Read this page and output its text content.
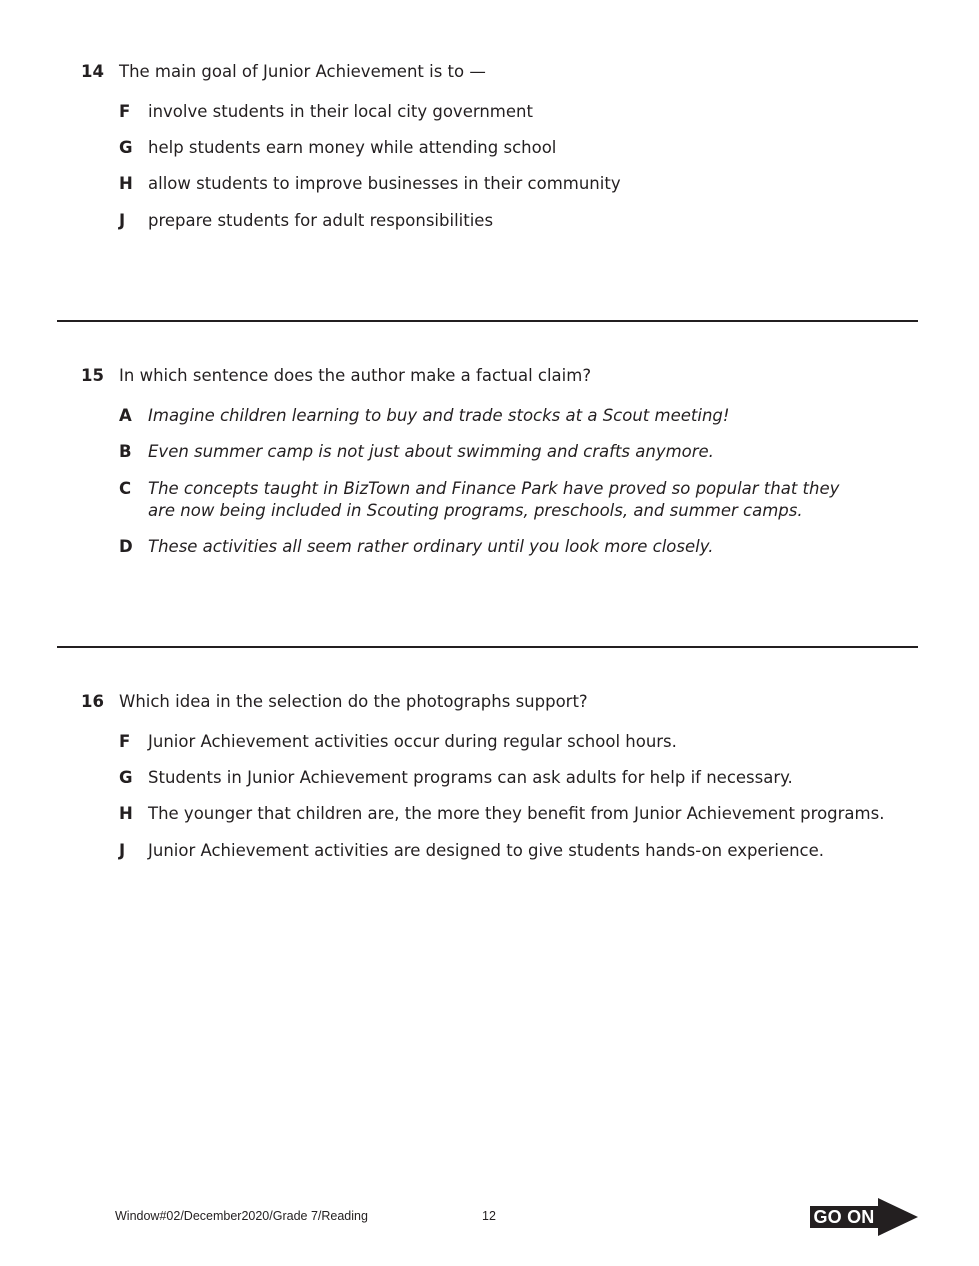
14 The main goal of Junior Achievement is to —
F involve students in their local city government
G help students earn money while attending school
H allow students to improve businesses in their community
J prepare students for adult responsibilities
15 In which sentence does the author make a factual claim?
A Imagine children learning to buy and trade stocks at a Scout meeting!
B Even summer camp is not just about swimming and crafts anymore.
C The concepts taught in BizTown and Finance Park have proved so popular that they are now being included in Scouting programs, preschools, and summer camps.
D These activities all seem rather ordinary until you look more closely.
16 Which idea in the selection do the photographs support?
F Junior Achievement activities occur during regular school hours.
G Students in Junior Achievement programs can ask adults for help if necessary.
H The younger that children are, the more they benefit from Junior Achievement programs.
J Junior Achievement activities are designed to give students hands-on experience.
Window#02/December2020/Grade 7/Reading	12	GO ON
